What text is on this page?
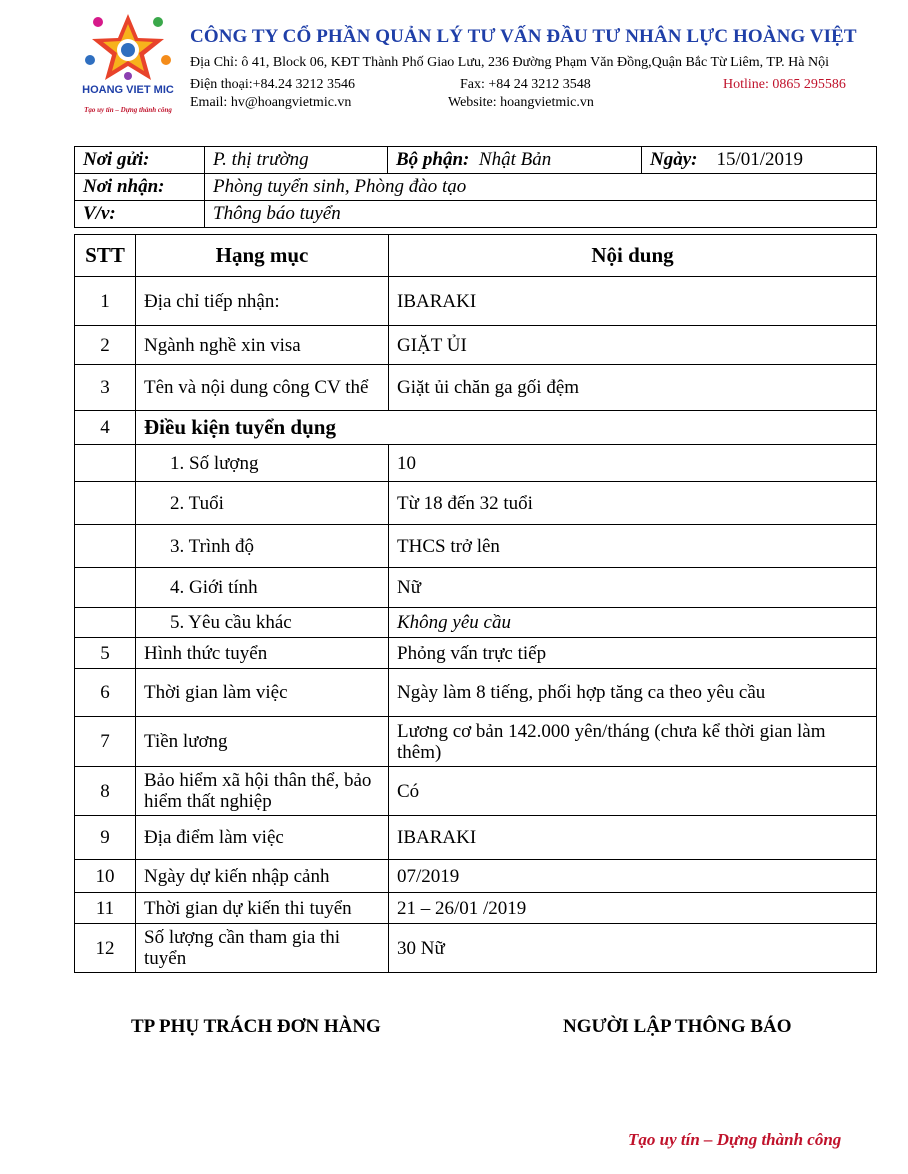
HOANG VIET MIC
Tạo uy tín – Dựng thành công
CÔNG TY CỔ PHẦN QUẢN LÝ TƯ VẤN ĐẦU TƯ NHÂN LỰC HOÀNG VIỆT
Địa Chỉ: ô 41, Block 06, KĐT Thành Phố Giao Lưu, 236 Đường Phạm Văn Đồng,Quận Bắc Từ Liêm, TP. Hà Nội
Điện thoại:+84.24 3212 3546	Fax: +84 24 3212 3548	Hotline: 0865 295586
Email: hv@hoangvietmic.vn	Website: hoangvietmic.vn
Nơi gửi:	P. thị trường	Bộ phận: Nhật Bản	Ngày: 15/01/2019
Nơi nhận:	Phòng tuyển sinh, Phòng đào tạo		
V/v:	Thông báo tuyển		
STT	Hạng mục	Nội dung
1	Địa chỉ tiếp nhận:	IBARAKI
2	Ngành nghề xin visa	GIẶT ỦI
3	Tên và nội dung công CV thể	Giặt ủi chăn ga gối đệm
4	Điều kiện tuyển dụng	
	1. Số lượng	10
	2. Tuổi	Từ 18 đến 32 tuổi
	3. Trình độ	THCS trở lên
	4. Giới tính	Nữ
	5. Yêu cầu khác	Không yêu cầu
5	Hình thức tuyển	Phỏng vấn trực tiếp
6	Thời gian làm việc	Ngày làm 8 tiếng, phối hợp tăng ca theo yêu cầu
7	Tiền lương	Lương cơ bản 142.000 yên/tháng (chưa kể thời gian làm thêm)
8	Bảo hiểm xã hội thân thể, bảo hiểm thất nghiệp	Có
9	Địa điểm làm việc	IBARAKI
10	Ngày dự kiến nhập cảnh	07/2019
11	Thời gian dự kiến thi tuyển	21 – 26/01 /2019
12	Số lượng cần tham gia thi tuyển	30 Nữ
TP PHỤ TRÁCH ĐƠN HÀNG	NGƯỜI LẬP THÔNG BÁO
Tạo uy tín – Dựng thành công
